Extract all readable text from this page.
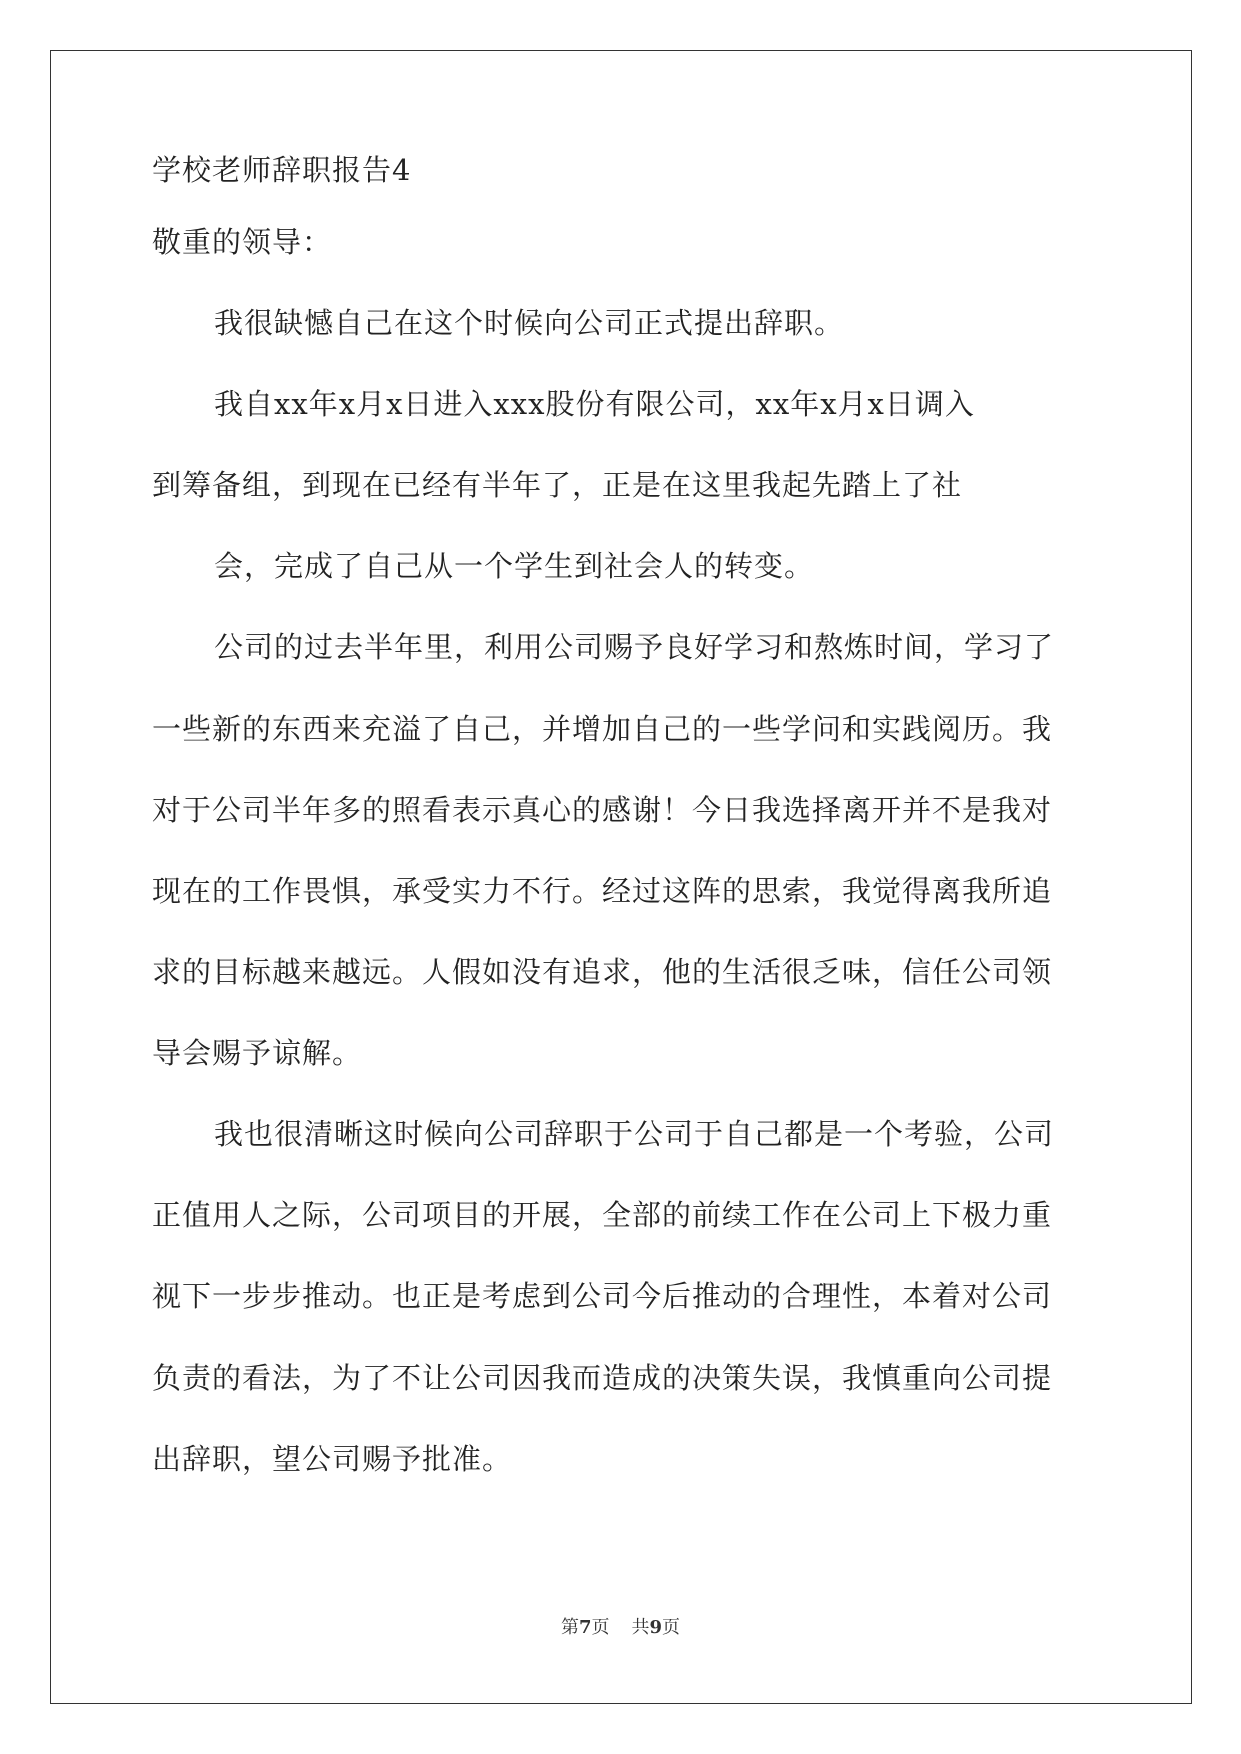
学校老师辞职报告4
敬重的领导：
我很缺憾自己在这个时候向公司正式提出辞职。
我自xx年x月x日进入xxx股份有限公司，xx年x月x日调入
到筹备组，到现在已经有半年了，正是在这里我起先踏上了社
会，完成了自己从一个学生到社会人的转变。
公司的过去半年里，利用公司赐予良好学习和熬炼时间，学习了
一些新的东西来充溢了自己，并增加自己的一些学问和实践阅历。我
对于公司半年多的照看表示真心的感谢！今日我选择离开并不是我对
现在的工作畏惧，承受实力不行。经过这阵的思索，我觉得离我所追
求的目标越来越远。人假如没有追求，他的生活很乏味，信任公司领
导会赐予谅解。
我也很清晰这时候向公司辞职于公司于自己都是一个考验，公司
正值用人之际，公司项目的开展，全部的前续工作在公司上下极力重
视下一步步推动。也正是考虑到公司今后推动的合理性，本着对公司
负责的看法，为了不让公司因我而造成的决策失误，我慎重向公司提
出辞职，望公司赐予批准。
第7页 共9页
